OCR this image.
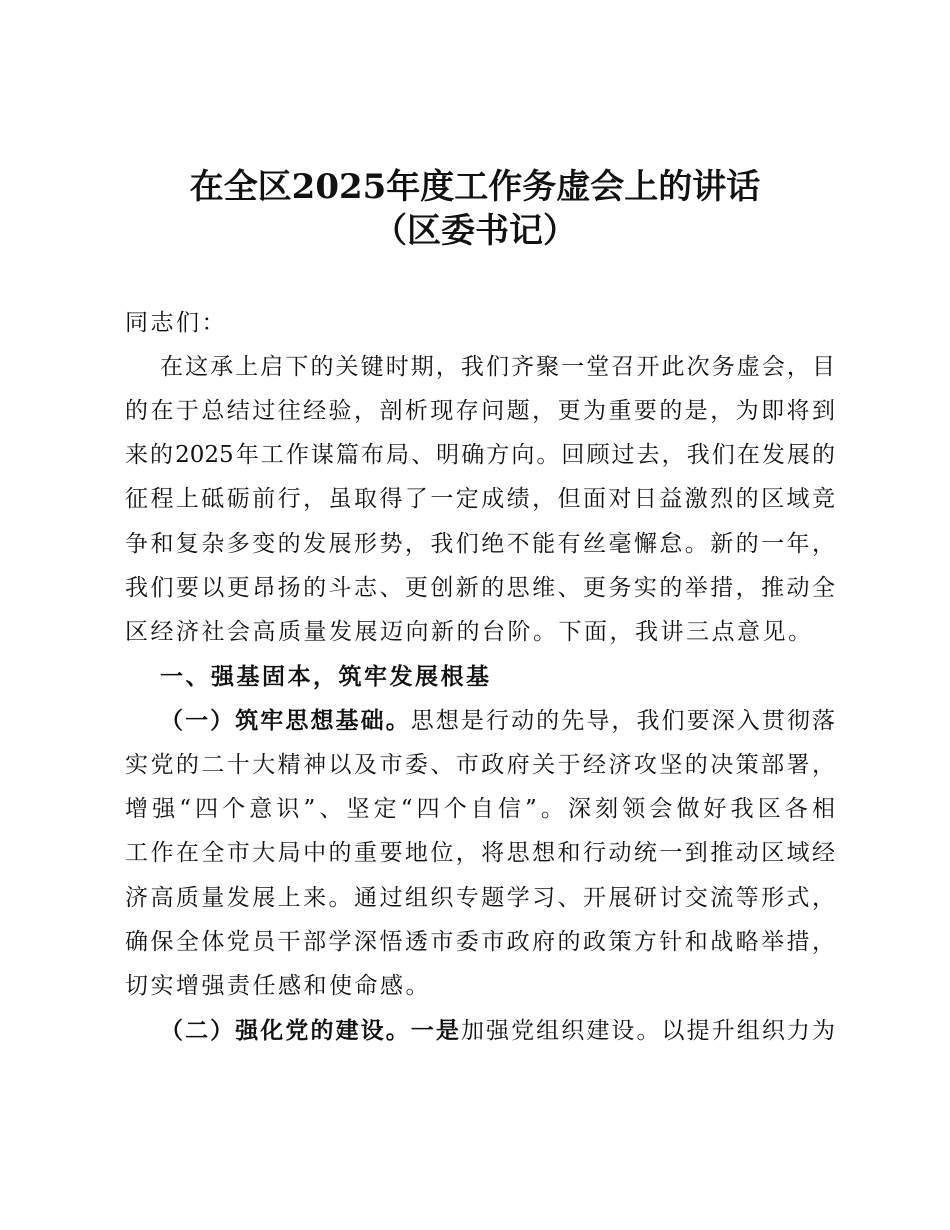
在全区2025年度工作务虚会上的讲话
（区委书记）
同志们：
在这承上启下的关键时期，我们齐聚一堂召开此次务虚会，目
的在于总结过往经验，剖析现存问题，更为重要的是，为即将到
来的2025年工作谋篇布局、明确方向。回顾过去，我们在发展的
征程上砥砺前行，虽取得了一定成绩，但面对日益激烈的区域竞
争和复杂多变的发展形势，我们绝不能有丝毫懈怠。新的一年，
我们要以更昂扬的斗志、更创新的思维、更务实的举措，推动全
区经济社会高质量发展迈向新的台阶。下面，我讲三点意见。
一、强基固本，筑牢发展根基
（一）筑牢思想基础。思想是行动的先导，我们要深入贯彻落
实党的二十大精神以及市委、市政府关于经济攻坚的决策部署，
增强“四个意识”、坚定“四个自信”。深刻领会做好我区各相
工作在全市大局中的重要地位，将思想和行动统一到推动区域经
济高质量发展上来。通过组织专题学习、开展研讨交流等形式，
确保全体党员干部学深悟透市委市政府的政策方针和战略举措，
切实增强责任感和使命感。
（二）强化党的建设。一是加强党组织建设。以提升组织力为
